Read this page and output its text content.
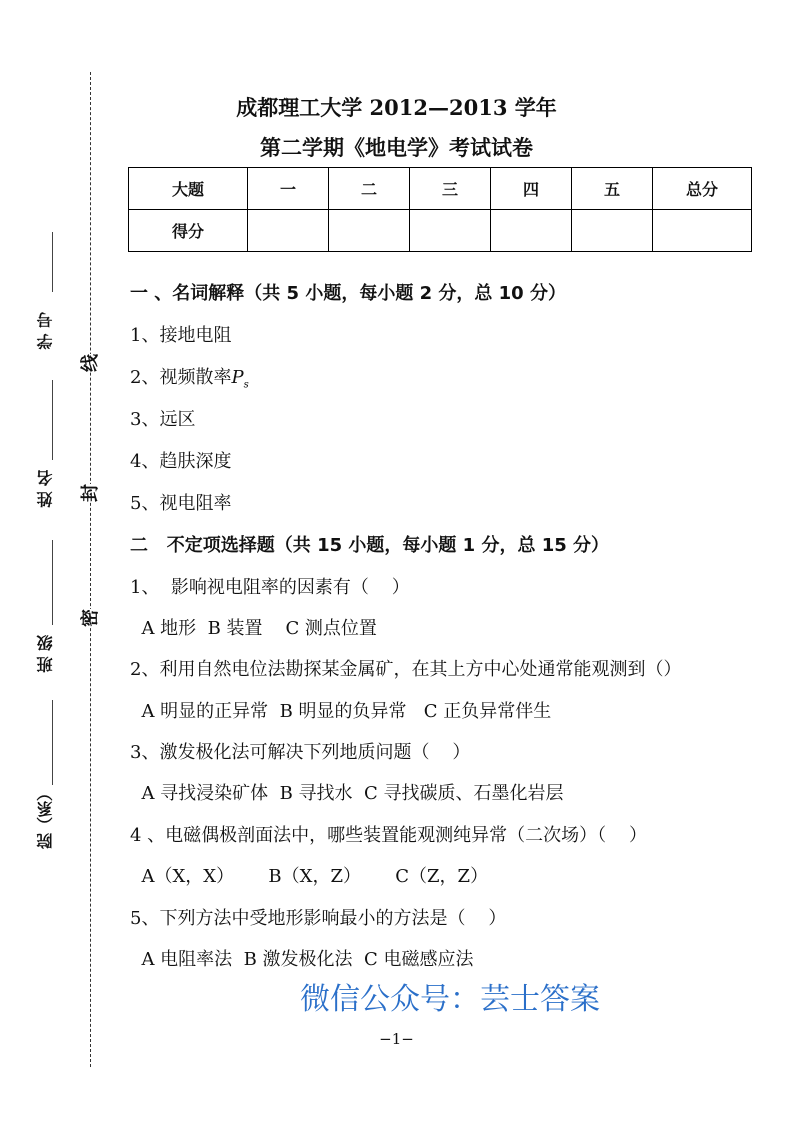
学 号
姓 名
班 级
院（系）
线
封
密
成都理工大学 2012—2013 学年
第二学期《地电学》考试试卷
大题	一	二	三	四	五	总分
得分						
一 、名词解释（共 5 小题，每小题 2 分，总 10 分）
1、接地电阻
2、视频散率$P_s$
3、远区
4、趋肤深度
5、视电阻率
二   不定项选择题（共 15 小题，每小题 1 分，总 15 分）
1、  影响视电阻率的因素有（    ）
A 地形  B 装置    C 测点位置
2、利用自然电位法勘探某金属矿，在其上方中心处通常能观测到（）
A 明显的正异常  B 明显的负异常   C 正负异常伴生
3、激发极化法可解决下列地质问题（    ）
A 寻找浸染矿体  B 寻找水  C 寻找碳质、石墨化岩层
4 、电磁偶极剖面法中，哪些装置能观测纯异常（二次场）（    ）
A（X，X）      B（X，Z）      C（Z，Z）
5、下列方法中受地形影响最小的方法是（    ）
A 电阻率法  B 激发极化法  C 电磁感应法
微信公众号：芸士答案
−1−
